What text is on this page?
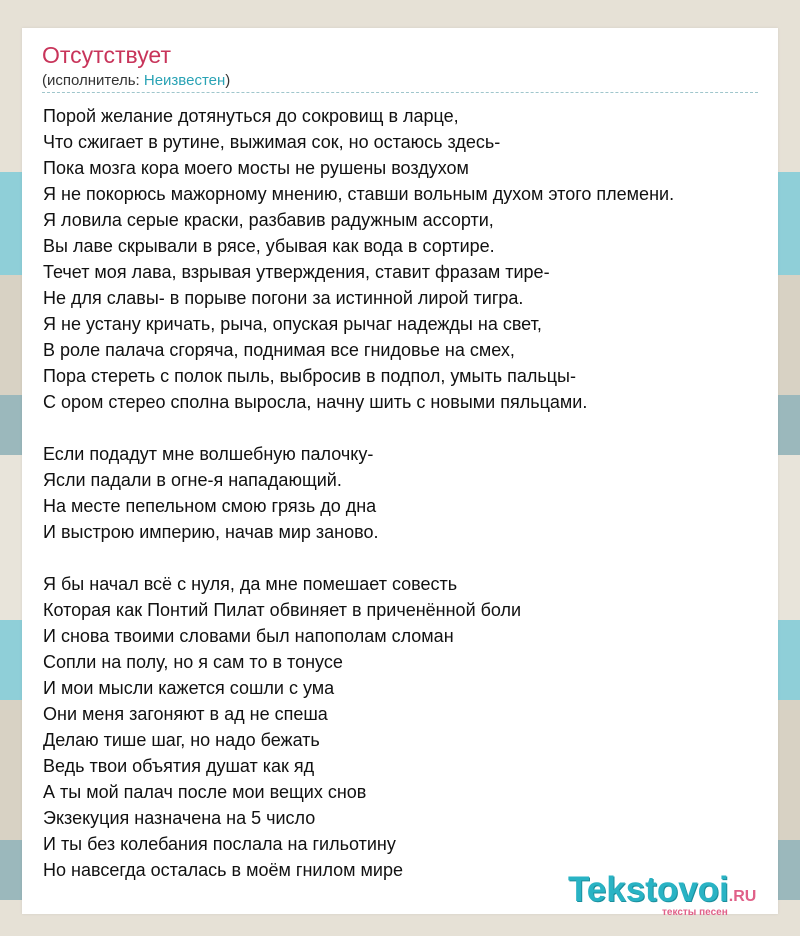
Отсутствует
(исполнитель: Неизвестен)
Порой желание дотянуться до сокровищ в ларце,
Что сжигает в рутине, выжимая сок, но остаюсь здесь-
Пока мозга кора моего мосты не рушены воздухом
Я не покорюсь мажорному мнению, ставши вольным духом этого племени.
Я ловила серые краски, разбавив радужным ассорти,
Вы лаве скрывали в рясе, убывая как вода в сортире.
Течет моя лава, взрывая утверждения, ставит фразам тире-
Не для славы- в порыве погони за истинной лирой тигра.
Я не устану кричать, рыча, опуская рычаг надежды на свет,
В роле палача сгоряча, поднимая все гнидовье на смех,
Пора стереть с полок пыль, выбросив в подпол, умыть пальцы-
С ором стерео сполна выросла, начну шить с новыми пяльцами.
Если подадут мне волшебную палочку-
Ясли падали в огне-я нападающий.
На месте пепельном смою грязь до дна
И выстрою империю, начав мир заново.
Я бы начал всё с нуля, да мне помешает совесть
Которая как Понтий Пилат обвиняет в приченённой боли
И снова твоими словами был напополам сломан
Сопли на полу, но я сам то в тонусе
И мои мысли кажется сошли с ума
Они меня загоняют в ад не спеша
Делаю тише шаг, но надо бежать
Ведь твои объятия душат как яд
А ты мой палач после мои вещих снов
Экзекуция назначена на 5 число
И ты без колебания послала на гильотину
Но навсегда осталась в моём гнилом мире	Tekstovoi.RU
тексты песен
